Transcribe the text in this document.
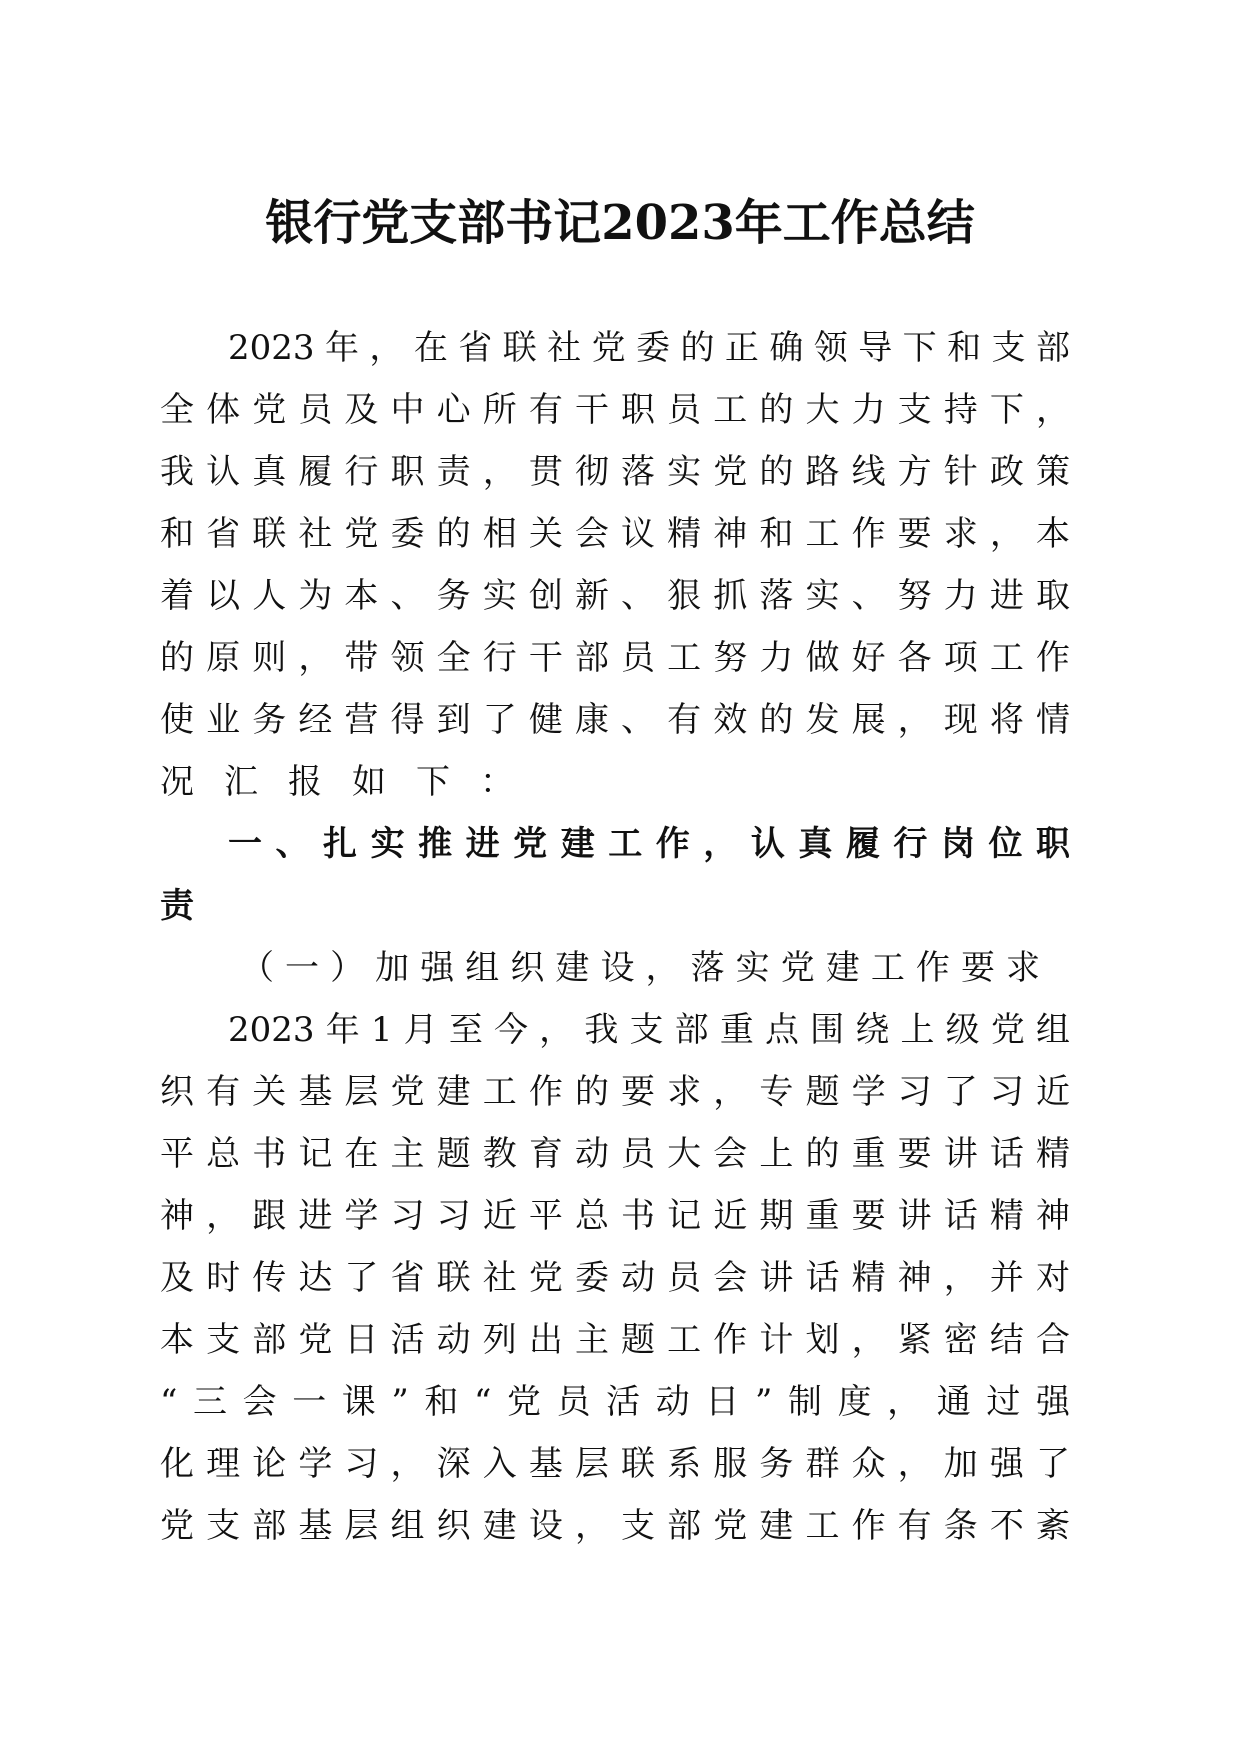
银行党支部书记2023年工作总结
2023年，在省联社党委的正确领导下和支部
全体党员及中心所有干职员工的大力支持下，
我认真履行职责，贯彻落实党的路线方针政策
和省联社党委的相关会议精神和工作要求，本
着以人为本、务实创新、狠抓落实、努力进取
的原则，带领全行干部员工努力做好各项工作
使业务经营得到了健康、有效的发展，现将情
况汇报如下：
一、扎实推进党建工作，认真履行岗位职
责
（一）加强组织建设，落实党建工作要求
2023年1月至今，我支部重点围绕上级党组
织有关基层党建工作的要求，专题学习了习近
平总书记在主题教育动员大会上的重要讲话精
神，跟进学习习近平总书记近期重要讲话精神
及时传达了省联社党委动员会讲话精神，并对
本支部党日活动列出主题工作计划，紧密结合
“三会一课”和“党员活动日”制度，通过强
化理论学习，深入基层联系服务群众，加强了
党支部基层组织建设，支部党建工作有条不紊
